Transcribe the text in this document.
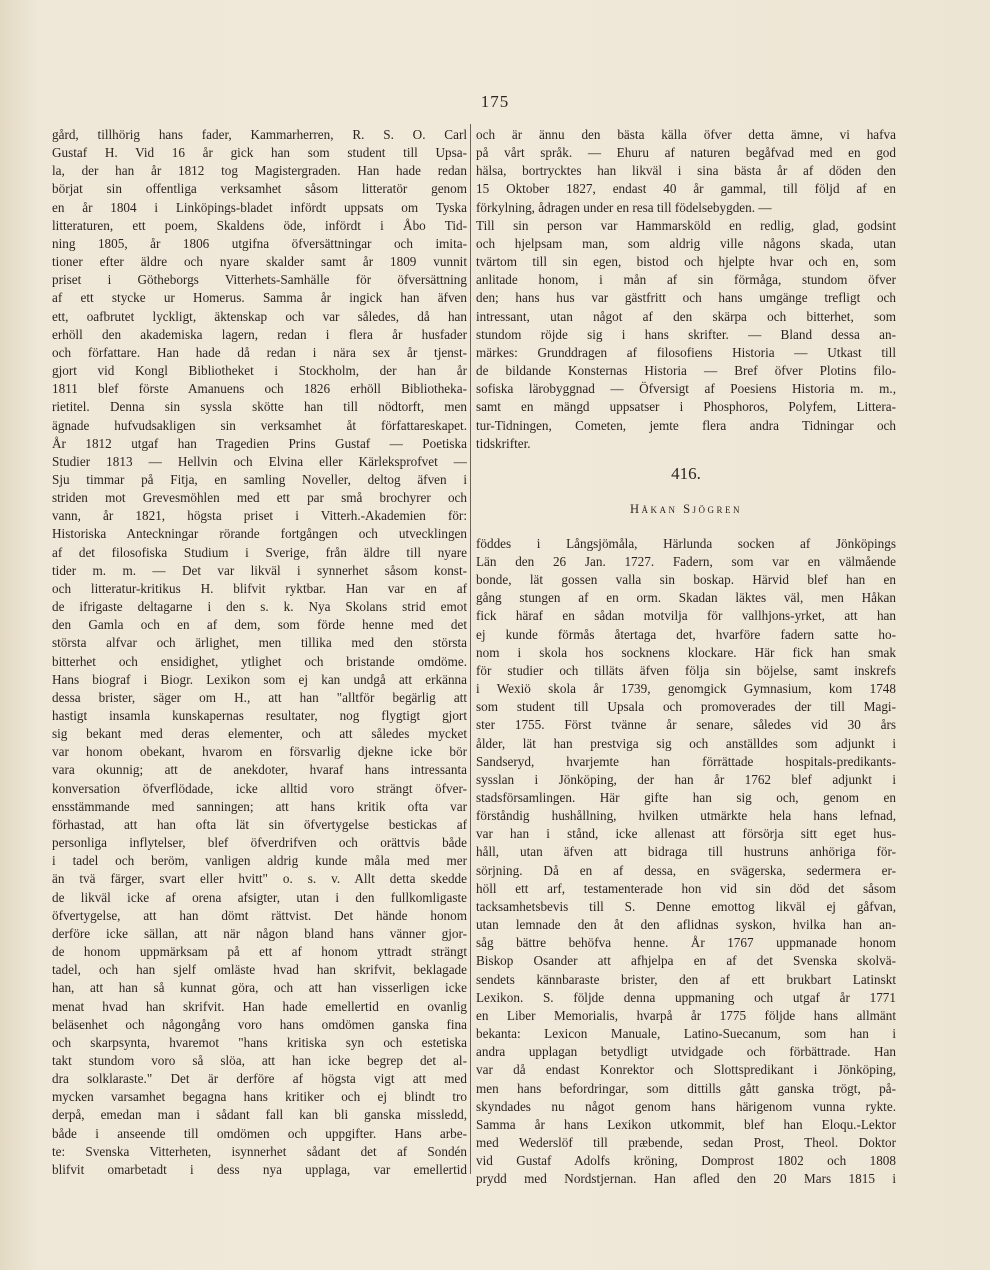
175
gård, tillhörig hans fader, Kammarherren, R. S. O. Carl
Gustaf H. Vid 16 år gick han som student till Upsa-
la, der han år 1812 tog Magistergraden. Han hade redan
börjat sin offentliga verksamhet såsom litteratör genom
en år 1804 i Linköpings-bladet infördt uppsats om Tyska
litteraturen, ett poem, Skaldens öde, infördt i Åbo Tid-
ning 1805, år 1806 utgifna öfversättningar och imita-
tioner efter äldre och nyare skalder samt år 1809 vunnit
priset i Götheborgs Vitterhets-Samhälle för öfversättning
af ett stycke ur Homerus. Samma år ingick han äfven
ett, oafbrutet lyckligt, äktenskap och var således, då han
erhöll den akademiska lagern, redan i flera år husfader
och författare. Han hade då redan i nära sex år tjenst-
gjort vid Kongl Bibliotheket i Stockholm, der han år
1811 blef förste Amanuens och 1826 erhöll Bibliotheka-
rietitel. Denna sin syssla skötte han till nödtorft, men
ägnade hufvudsakligen sin verksamhet åt författareskapet.
År 1812 utgaf han Tragedien Prins Gustaf — Poetiska
Studier 1813 — Hellvin och Elvina eller Kärleksprofvet —
Sju timmar på Fitja, en samling Noveller, deltog äfven i
striden mot Grevesmöhlen med ett par små brochyrer och
vann, år 1821, högsta priset i Vitterh.-Akademien för:
Historiska Anteckningar rörande fortgången och utvecklingen
af det filosofiska Studium i Sverige, från äldre till nyare
tider m. m. — Det var likväl i synnerhet såsom konst-
och litteratur-kritikus H. blifvit ryktbar. Han var en af
de ifrigaste deltagarne i den s. k. Nya Skolans strid emot
den Gamla och en af dem, som förde henne med det
största alfvar och ärlighet, men tillika med den största
bitterhet och ensidighet, ytlighet och bristande omdöme.
Hans biograf i Biogr. Lexikon som ej kan undgå att erkänna
dessa brister, säger om H., att han "alltför begärlig att
hastigt insamla kunskapernas resultater, nog flygtigt gjort
sig bekant med deras elementer, och att således mycket
var honom obekant, hvarom en försvarlig djekne icke bör
vara okunnig; att de anekdoter, hvaraf hans intressanta
konversation öfverflödade, icke alltid voro strängt öfver-
ensstämmande med sanningen; att hans kritik ofta var
förhastad, att han ofta lät sin öfvertygelse bestickas af
personliga inflytelser, blef öfverdrifven och orättvis både
i tadel och beröm, vanligen aldrig kunde måla med mer
än tvä färger, svart eller hvitt" o. s. v. Allt detta skedde
de likväl icke af orena afsigter, utan i den fullkomligaste
öfvertygelse, att han dömt rättvist. Det hände honom
derföre icke sällan, att när någon bland hans vänner gjor-
de honom uppmärksam på ett af honom yttradt strängt
tadel, och han sjelf omläste hvad han skrifvit, beklagade
han, att han så kunnat göra, och att han visserligen icke
menat hvad han skrifvit. Han hade emellertid en ovanlig
beläsenhet och någongång voro hans omdömen ganska fina
och skarpsynta, hvaremot "hans kritiska syn och estetiska
takt stundom voro så slöa, att han icke begrep det al-
dra solklaraste." Det är derföre af högsta vigt att med
mycken varsamhet begagna hans kritiker och ej blindt tro
derpå, emedan man i sådant fall kan bli ganska missledd,
både i anseende till omdömen och uppgifter. Hans arbe-
te: Svenska Vitterheten, isynnerhet sådant det af Sondén
blifvit omarbetadt i dess nya upplaga, var emellertid
och är ännu den bästa källa öfver detta ämne, vi hafva
på vårt språk. — Ehuru af naturen begåfvad med en god
hälsa, bortrycktes han likväl i sina bästa år af döden den
15 Oktober 1827, endast 40 år gammal, till följd af en
förkylning, ådragen under en resa till födelsebygden. —
Till sin person var Hammarsköld en redlig, glad, godsint
och hjelpsam man, som aldrig ville någons skada, utan
tvärtom till sin egen, bistod och hjelpte hvar och en, som
anlitade honom, i mån af sin förmåga, stundom öfver
den; hans hus var gästfritt och hans umgänge trefligt och
intressant, utan något af den skärpa och bitterhet, som
stundom röjde sig i hans skrifter. — Bland dessa an-
märkes: Grunddragen af filosofiens Historia — Utkast till
de bildande Konsternas Historia — Bref öfver Plotins filo-
sofiska lärobyggnad — Öfversigt af Poesiens Historia m. m.,
samt en mängd uppsatser i Phosphoros, Polyfem, Littera-
tur-Tidningen, Cometen, jemte flera andra Tidningar och
tidskrifter.
416.
Håkan Sjögren
föddes i Långsjömåla, Härlunda socken af Jönköpings
Län den 26 Jan. 1727. Fadern, som var en välmående
bonde, lät gossen valla sin boskap. Härvid blef han en
gång stungen af en orm. Skadan läktes väl, men Håkan
fick häraf en sådan motvilja för vallhjons-yrket, att han
ej kunde förmås återtaga det, hvarföre fadern satte ho-
nom i skola hos socknens klockare. Här fick han smak
för studier och tilläts äfven följa sin böjelse, samt inskrefs
i Wexiö skola år 1739, genomgick Gymnasium, kom 1748
som student till Upsala och promoverades der till Magi-
ster 1755. Först tvänne år senare, således vid 30 års
ålder, lät han prestviga sig och anställdes som adjunkt i
Sandseryd, hvarjemte han förrättade hospitals-predikants-
sysslan i Jönköping, der han år 1762 blef adjunkt i
stadsförsamlingen. Här gifte han sig och, genom en
förståndig hushållning, hvilken utmärkte hela hans lefnad,
var han i stånd, icke allenast att försörja sitt eget hus-
håll, utan äfven att bidraga till hustruns anhöriga för-
sörjning. Då en af dessa, en svägerska, sedermera er-
höll ett arf, testamenterade hon vid sin död det såsom
tacksamhetsbevis till S. Denne emottog likväl ej gåfvan,
utan lemnade den åt den aflidnas syskon, hvilka han an-
såg bättre behöfva henne. År 1767 uppmanade honom
Biskop Osander att afhjelpa en af det Svenska skolvä-
sendets kännbaraste brister, den af ett brukbart Latinskt
Lexikon. S. följde denna uppmaning och utgaf år 1771
en Liber Memorialis, hvarpå år 1775 följde hans allmänt
bekanta: Lexicon Manuale, Latino-Suecanum, som han i
andra upplagan betydligt utvidgade och förbättrade. Han
var då endast Konrektor och Slottspredikant i Jönköping,
men hans befordringar, som dittills gått ganska trögt, på-
skyndades nu något genom hans härigenom vunna rykte.
Samma år hans Lexikon utkommit, blef han Eloqu.-Lektor
med Wederslöf till præbende, sedan Prost, Theol. Doktor
vid Gustaf Adolfs kröning, Domprost 1802 och 1808
prydd med Nordstjernan. Han afled den 20 Mars 1815 i
